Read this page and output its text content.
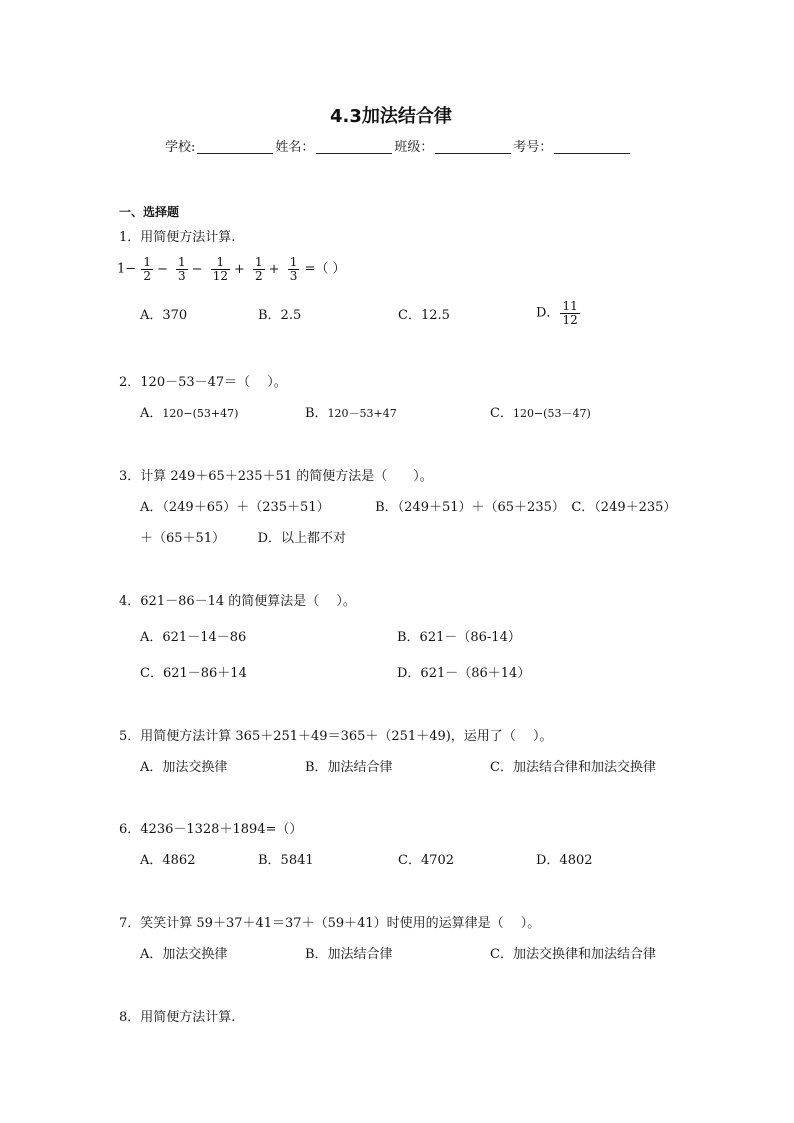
4.3加法结合律
学校:	姓名：	班级：	考号：
一、选择题
1．用简便方法计算.
$1- \frac{1}{2} - \frac{1}{3} - \frac{1}{12} + \frac{1}{2} + \frac{1}{3}$ =（ ）
A．370	B．2.5	C．12.5	D． $\frac{11}{12}$
2．120－53－47＝（　 ）。
A．120−(53+47)	B．120－53+47	C．120−(53－47)
3．计算 249＋65＋235＋51 的简便方法是（　　）。
A．（249＋65）＋（235＋51）　　　　B．（249＋51）＋（65＋235）　C．（249＋235）
＋（65＋51）　　　D．以上都不对
4．621－86－14 的简便算法是（　 ）。
A．621－14－86	B．621－（86-14）
C．621－86＋14	D．621－（86＋14）
5．用简便方法计算 365＋251＋49＝365＋（251＋49)，运用了（　 ）。
A．加法交换律	B．加法结合律	C．加法结合律和加法交换律
6．4236－1328＋1894=（）
A．4862	B．5841	C．4702	D．4802
7．笑笑计算 59＋37＋41＝37＋（59＋41）时使用的运算律是（　 ）。
A．加法交换律	B．加法结合律	C．加法交换律和加法结合律
8．用简便方法计算.
